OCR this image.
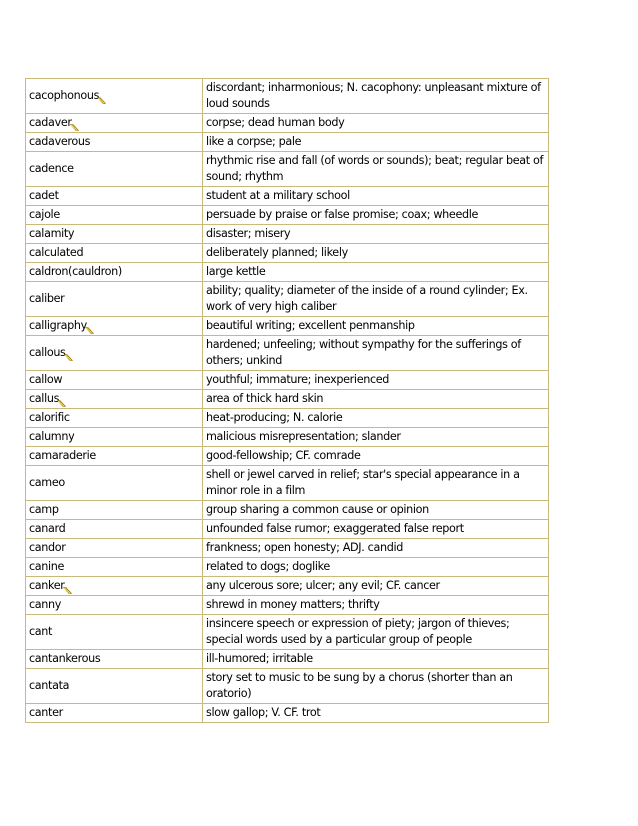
cacophonous	discordant; inharmonious; N. cacophony: unpleasant mixture of loud sounds
cadaver	corpse; dead human body
cadaverous	like a corpse; pale
cadence	rhythmic rise and fall (of words or sounds); beat; regular beat of sound; rhythm
cadet	student at a military school
cajole	persuade by praise or false promise; coax; wheedle
calamity	disaster; misery
calculated	deliberately planned; likely
caldron(cauldron)	large kettle
caliber	ability; quality; diameter of the inside of a round cylinder; Ex. work of very high caliber
calligraphy	beautiful writing; excellent penmanship
callous	hardened; unfeeling; without sympathy for the sufferings of others; unkind
callow	youthful; immature; inexperienced
callus	area of thick hard skin
calorific	heat-producing; N. calorie
calumny	malicious misrepresentation; slander
camaraderie	good-fellowship; CF. comrade
cameo	shell or jewel carved in relief; star's special appearance in a minor role in a film
camp	group sharing a common cause or opinion
canard	unfounded false rumor; exaggerated false report
candor	frankness; open honesty; ADJ. candid
canine	related to dogs; doglike
canker	any ulcerous sore; ulcer; any evil; CF. cancer
canny	shrewd in money matters; thrifty
cant	insincere speech or expression of piety; jargon of thieves; special words used by a particular group of people
cantankerous	ill-humored; irritable
cantata	story set to music to be sung by a chorus (shorter than an oratorio)
canter	slow gallop; V. CF. trot
